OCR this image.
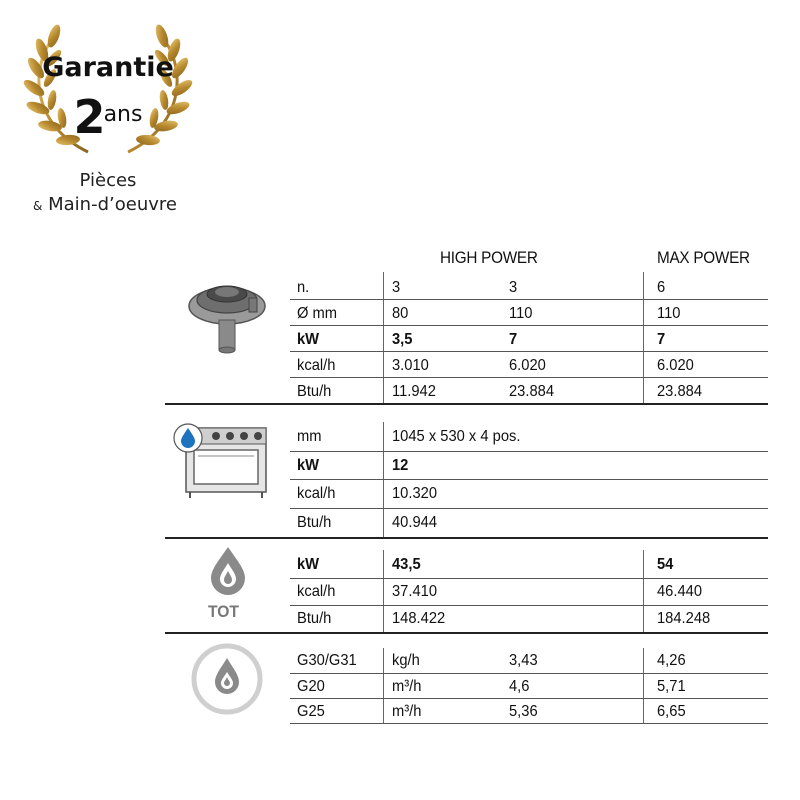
Garantie
2ans
Pièces
& Main-d’oeuvre
HIGH POWER	MAX POWER
TOT
n.	3	3	6
Ø mm	80	110	110
kW	3,5	7	7
kcal/h	3.010	6.020	6.020
Btu/h	11.942	23.884	23.884
mm	1045 x 530 x 4 pos.
kW	12
kcal/h	10.320
Btu/h	40.944
kW	43,5	54
kcal/h	37.410	46.440
Btu/h	148.422	184.248
G30/G31 kg/h	3,43	4,26
G20	m³/h	4,6	5,71
G25	m³/h	5,36	6,65
